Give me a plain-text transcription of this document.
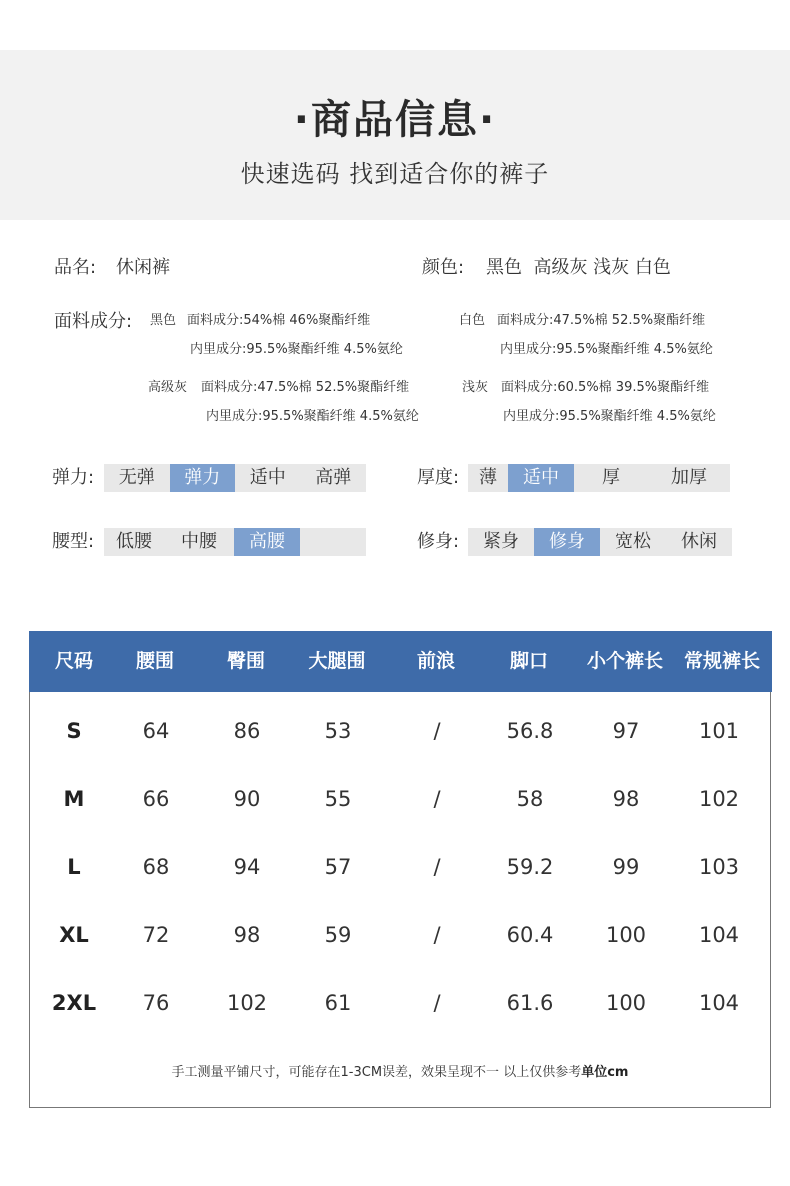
·商品信息·
快速选码 找到适合你的裤子
品名: 休闲裤	颜色: 黑色  高级灰 浅灰 白色
面料成分: 黑色 面料成分:54%棉 46%聚酯纤维
内里成分:95.5%聚酯纤维 4.5%氨纶
白色 面料成分:47.5%棉 52.5%聚酯纤维
内里成分:95.5%聚酯纤维 4.5%氨纶
高级灰 面料成分:47.5%棉 52.5%聚酯纤维
内里成分:95.5%聚酯纤维 4.5%氨纶
浅灰 面料成分:60.5%棉 39.5%聚酯纤维
内里成分:95.5%聚酯纤维 4.5%氨纶
弹力:	无弹	弹力	适中	高弹	厚度:	薄	适中	厚	加厚
腰型:	低腰	中腰	高腰	修身:	紧身	修身	宽松	休闲
尺码	腰围	臀围	大腿围	前浪	脚口	小个裤长	常规裤长
S	64	86	53	/	56.8	97	101
M	66	90	55	/	58	98	102
L	68	94	57	/	59.2	99	103
XL	72	98	59	/	60.4	100	104
2XL	76	102	61	/	61.6	100	104
手工测量平铺尺寸，可能存在1-3CM误差，效果呈现不一 以上仅供参考单位cm
